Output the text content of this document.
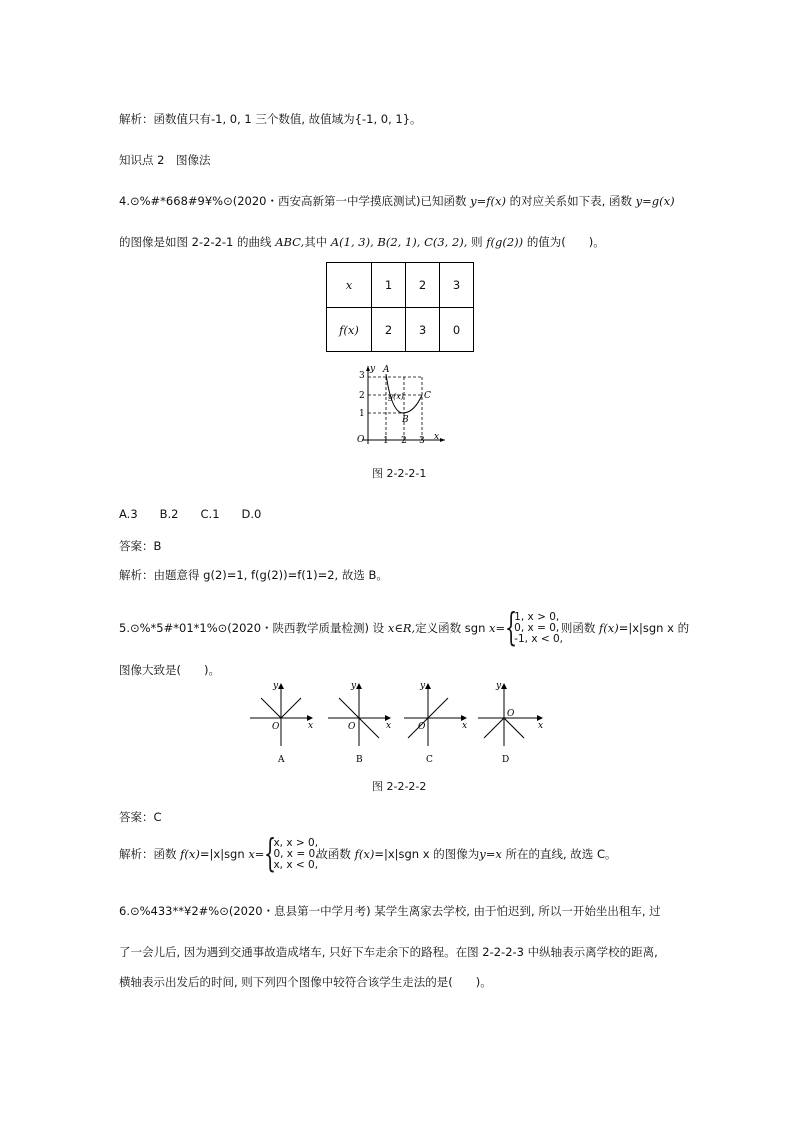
解析：函数值只有-1, 0, 1 三个数值, 故值域为{-1, 0, 1}。
知识点 2　图像法
4.⊙%#*668#9¥%⊙(2020・西安高新第一中学摸底测试)已知函数 y=f(x) 的对应关系如下表, 函数 y=g(x)
的图像是如图 2-2-2-1 的曲线 ABC,其中 A(1, 3), B(2, 1), C(3, 2), 则 f(g(2)) 的值为(　　)。
x	1	2	3
f(x)	2	3	0
3
2
1
1 2 3
O
y
x
A
B
C
g(x)
图 2-2-2-1
A.3 B.2 C.1 D.0
答案：B
解析：由题意得 g(2)=1, f(g(2))=f(1)=2, 故选 B。
5.⊙%*5#*01*1%⊙(2020・陕西教学质量检测) 设 x∈R,定义函数 sgn x= {
1, x > 0,
0, x = 0,
-1, x < 0,
则函数 f(x)=|x|sgn x 的
图像大致是(　　)。
y
x
O
A
y
x
O
B
y
x
O
C
y
x
O
D
图 2-2-2-2
答案：C
解析：函数 f(x)=|x|sgn x= {
x, x > 0,
0, x = 0,
x, x < 0,
故函数 f(x)=|x|sgn x 的图像为y=x 所在的直线, 故选 C。
6.⊙%433**¥2#%⊙(2020・息县第一中学月考) 某学生离家去学校, 由于怕迟到, 所以一开始坐出租车, 过
了一会儿后, 因为遇到交通事故造成堵车, 只好下车走余下的路程。在图 2-2-2-3 中纵轴表示离学校的距离,
横轴表示出发后的时间, 则下列四个图像中较符合该学生走法的是(　　)。
